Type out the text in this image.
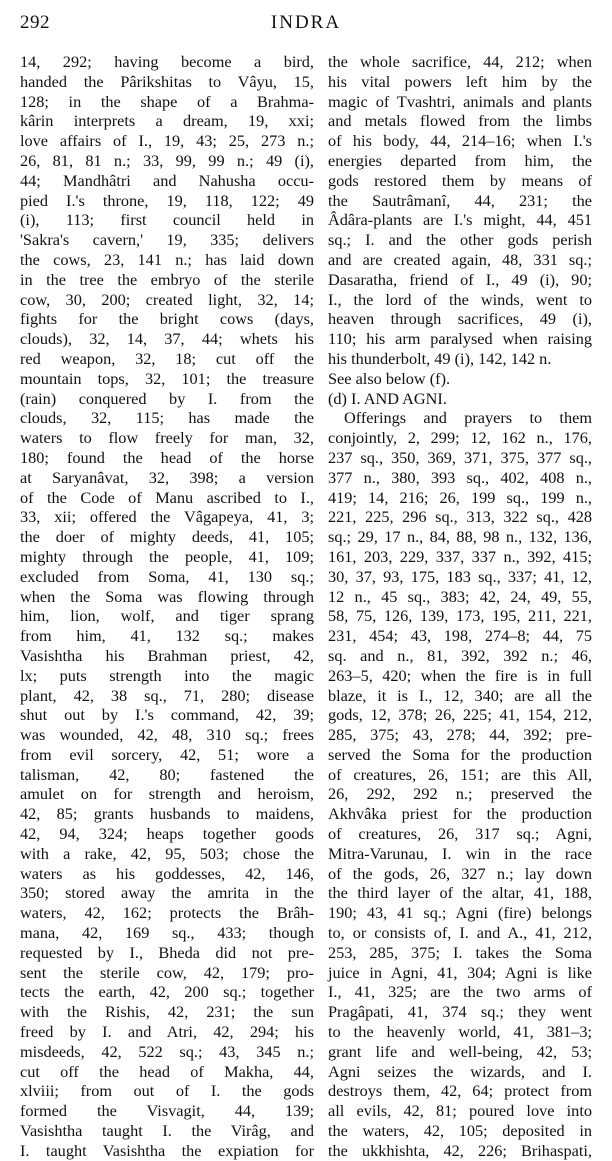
292	INDRA
14, 292; having become a bird,
handed the Pârikshitas to Vâyu, 15,
128; in the shape of a Brahma-
kârin interprets a dream, 19, xxi;
love affairs of I., 19, 43; 25, 273 n.;
26, 81, 81 n.; 33, 99, 99 n.; 49 (i),
44; Mandhâtri and Nahusha occu-
pied I.'s throne, 19, 118, 122; 49
(i), 113; first council held in
'Sakra's cavern,' 19, 335; delivers
the cows, 23, 141 n.; has laid down
in the tree the embryo of the sterile
cow, 30, 200; created light, 32, 14;
fights for the bright cows (days,
clouds), 32, 14, 37, 44; whets his
red weapon, 32, 18; cut off the
mountain tops, 32, 101; the treasure
(rain) conquered by I. from the
clouds, 32, 115; has made the
waters to flow freely for man, 32,
180; found the head of the horse
at Saryanâvat, 32, 398; a version
of the Code of Manu ascribed to I.,
33, xii; offered the Vâgapeya, 41, 3;
the doer of mighty deeds, 41, 105;
mighty through the people, 41, 109;
excluded from Soma, 41, 130 sq.;
when the Soma was flowing through
him, lion, wolf, and tiger sprang
from him, 41, 132 sq.; makes
Vasishtha his Brahman priest, 42,
lx; puts strength into the magic
plant, 42, 38 sq., 71, 280; disease
shut out by I.'s command, 42, 39;
was wounded, 42, 48, 310 sq.; frees
from evil sorcery, 42, 51; wore a
talisman, 42, 80; fastened the
amulet on for strength and heroism,
42, 85; grants husbands to maidens,
42, 94, 324; heaps together goods
with a rake, 42, 95, 503; chose the
waters as his goddesses, 42, 146,
350; stored away the amrita in the
waters, 42, 162; protects the Brâh-
mana, 42, 169 sq., 433; though
requested by I., Bheda did not pre-
sent the sterile cow, 42, 179; pro-
tects the earth, 42, 200 sq.; together
with the Rishis, 42, 231; the sun
freed by I. and Atri, 42, 294; his
misdeeds, 42, 522 sq.; 43, 345 n.;
cut off the head of Makha, 44,
xlviii; from out of I. the gods
formed the Visvagit, 44, 139;
Vasishtha taught I. the Virâg, and
I. taught Vasishtha the expiation for
the whole sacrifice, 44, 212; when
his vital powers left him by the
magic of Tvashtri, animals and plants
and metals flowed from the limbs
of his body, 44, 214–16; when I.'s
energies departed from him, the
gods restored them by means of
the Sautrâmanî, 44, 231; the
Âdâra-plants are I.'s might, 44, 451
sq.; I. and the other gods perish
and are created again, 48, 331 sq.;
Dasaratha, friend of I., 49 (i), 90;
I., the lord of the winds, went to
heaven through sacrifices, 49 (i),
110; his arm paralysed when raising
his thunderbolt, 49 (i), 142, 142 n.
See also below (f).
(d) I. AND AGNI.
Offerings and prayers to them
conjointly, 2, 299; 12, 162 n., 176,
237 sq., 350, 369, 371, 375, 377 sq.,
377 n., 380, 393 sq., 402, 408 n.,
419; 14, 216; 26, 199 sq., 199 n.,
221, 225, 296 sq., 313, 322 sq., 428
sq.; 29, 17 n., 84, 88, 98 n., 132, 136,
161, 203, 229, 337, 337 n., 392, 415;
30, 37, 93, 175, 183 sq., 337; 41, 12,
12 n., 45 sq., 383; 42, 24, 49, 55,
58, 75, 126, 139, 173, 195, 211, 221,
231, 454; 43, 198, 274–8; 44, 75
sq. and n., 81, 392, 392 n.; 46,
263–5, 420; when the fire is in full
blaze, it is I., 12, 340; are all the
gods, 12, 378; 26, 225; 41, 154, 212,
285, 375; 43, 278; 44, 392; pre-
served the Soma for the production
of creatures, 26, 151; are this All,
26, 292, 292 n.; preserved the
Akhvâka priest for the production
of creatures, 26, 317 sq.; Agni,
Mitra-Varunau, I. win in the race
of the gods, 26, 327 n.; lay down
the third layer of the altar, 41, 188,
190; 43, 41 sq.; Agni (fire) belongs
to, or consists of, I. and A., 41, 212,
253, 285, 375; I. takes the Soma
juice in Agni, 41, 304; Agni is like
I., 41, 325; are the two arms of
Pragâpati, 41, 374 sq.; they went
to the heavenly world, 41, 381–3;
grant life and well-being, 42, 53;
Agni seizes the wizards, and I.
destroys them, 42, 64; protect from
all evils, 42, 81; poured love into
the waters, 42, 105; deposited in
the ukkhishta, 42, 226; Brihaspati,
